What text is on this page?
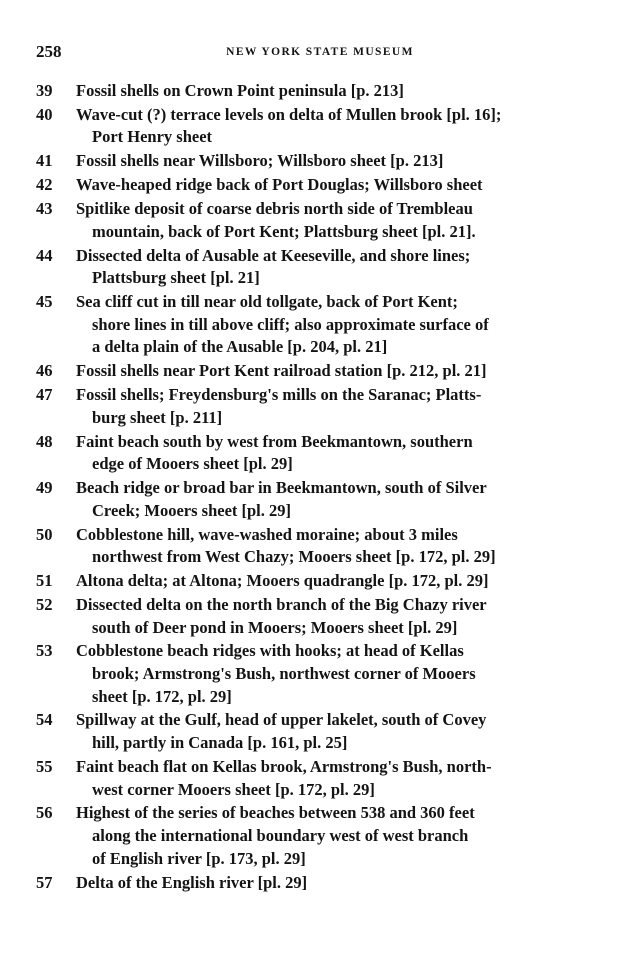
258	NEW YORK STATE MUSEUM
39	Fossil shells on Crown Point peninsula [p. 213]
40	Wave-cut (?) terrace levels on delta of Mullen brook [pl. 16];
Port Henry sheet
41	Fossil shells near Willsboro; Willsboro sheet [p. 213]
42	Wave-heaped ridge back of Port Douglas; Willsboro sheet
43	Spitlike deposit of coarse debris north side of Trembleau
mountain, back of Port Kent; Plattsburg sheet [pl. 21].
44	Dissected delta of Ausable at Keeseville, and shore lines;
Plattsburg sheet [pl. 21]
45	Sea cliff cut in till near old tollgate, back of Port Kent;
shore lines in till above cliff; also approximate surface of
a delta plain of the Ausable [p. 204, pl. 21]
46	Fossil shells near Port Kent railroad station [p. 212, pl. 21]
47	Fossil shells; Freydensburg's mills on the Saranac; Platts-
burg sheet [p. 211]
48	Faint beach south by west from Beekmantown, southern
edge of Mooers sheet [pl. 29]
49	Beach ridge or broad bar in Beekmantown, south of Silver
Creek; Mooers sheet [pl. 29]
50	Cobblestone hill, wave-washed moraine; about 3 miles
northwest from West Chazy; Mooers sheet [p. 172, pl. 29]
51	Altona delta; at Altona; Mooers quadrangle [p. 172, pl. 29]
52	Dissected delta on the north branch of the Big Chazy river
south of Deer pond in Mooers; Mooers sheet [pl. 29]
53	Cobblestone beach ridges with hooks; at head of Kellas
brook; Armstrong's Bush, northwest corner of Mooers
sheet [p. 172, pl. 29]
54	Spillway at the Gulf, head of upper lakelet, south of Covey
hill, partly in Canada [p. 161, pl. 25]
55	Faint beach flat on Kellas brook, Armstrong's Bush, north-
west corner Mooers sheet [p. 172, pl. 29]
56	Highest of the series of beaches between 538 and 360 feet
along the international boundary west of west branch
of English river [p. 173, pl. 29]
57	Delta of the English river [pl. 29]
